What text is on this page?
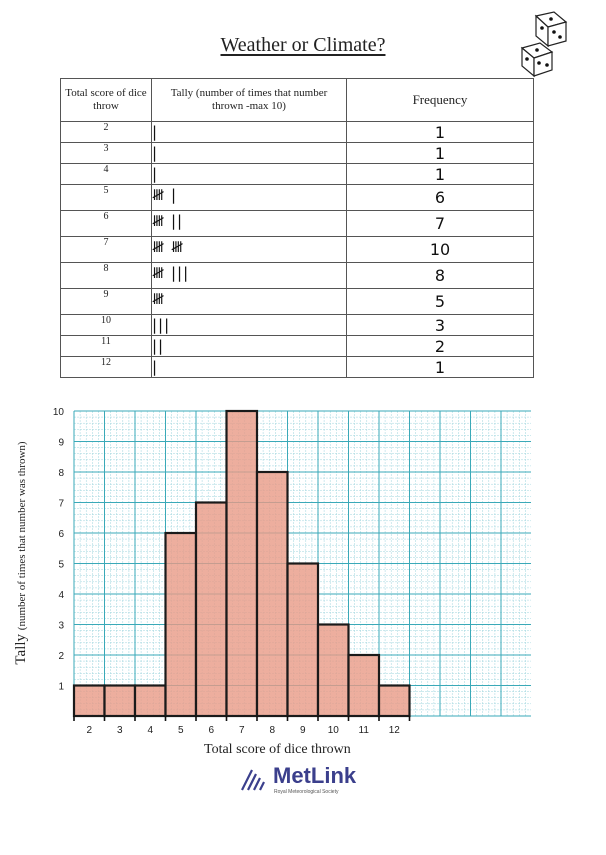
Weather or Climate?
Total score of dice throw	Tally (number of times that number thrown -max 10)	Frequency
2	|	1
3	|	1
4	|	1
5	𝍸 |	6
6	𝍸 ||	7
7	𝍸 𝍸	10
8	𝍸 |||	8
9	𝍸	5
10	|||	3
11	||	2
12	|	1
Tally (number of times that number was thrown)
2 3 4 5 6 7 8 9 10 11 12
1
2
3
4
5
6
7
8
9
10
Total score of dice thrown
MetLink
Royal Meteorological Society
